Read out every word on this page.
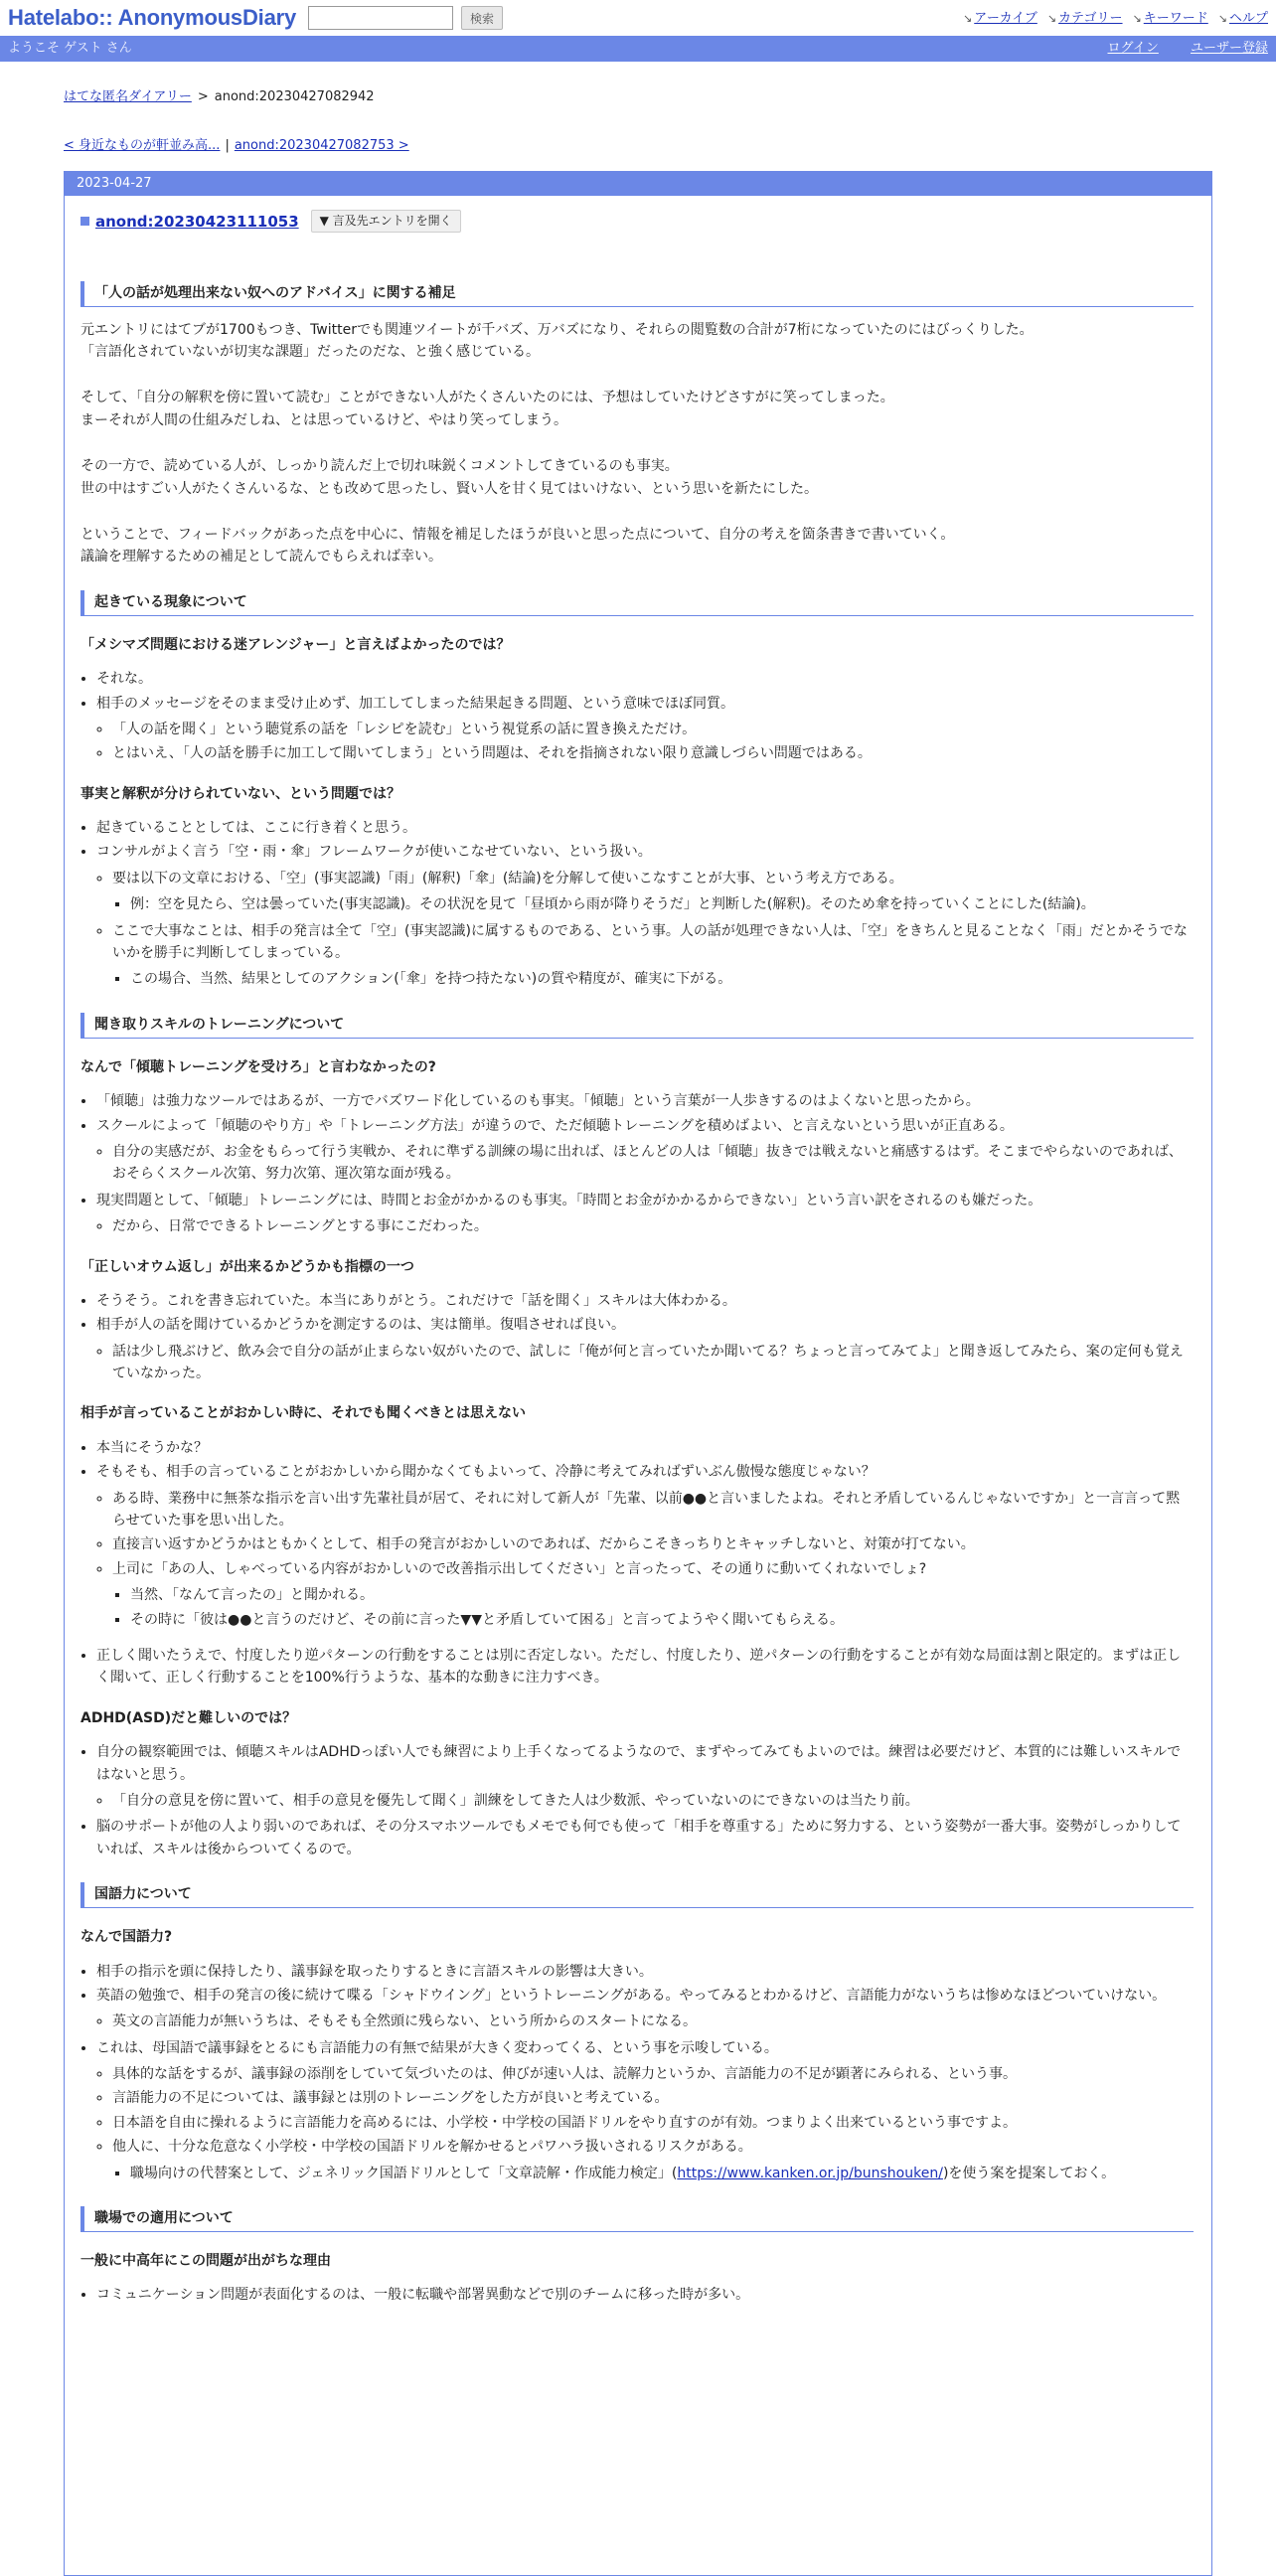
Hatelabo:: AnonymousDiary	検索	↘ アーカイブ ↘ カテゴリー ↘ キーワード ↘ ヘルプ
ようこそ ゲスト さん	ログイン ユーザー登録
はてな匿名ダイアリー > anond:20230427082942
< 身近なものが軒並み高... | anond:20230427082753 >
2023-04-27
anond:20230423111053	▼ 言及先エントリを開く
「人の話が処理出来ない奴へのアドバイス」に関する補足

元エントリにはてブが1700もつき、Twitterでも関連ツイートが千バズ、万バズになり、それらの閲覧数の合計が7桁になっていたのにはびっくりした。

「言語化されていないが切実な課題」だったのだな、と強く感じている。

そして、「自分の解釈を傍に置いて読む」ことができない人がたくさんいたのには、予想はしていたけどさすがに笑ってしまった。

まーそれが人間の仕組みだしね、とは思っているけど、やはり笑ってしまう。

その一方で、読めている人が、しっかり読んだ上で切れ味鋭くコメントしてきているのも事実。

世の中はすごい人がたくさんいるな、とも改めて思ったし、賢い人を甘く見てはいけない、という思いを新たにした。

ということで、フィードバックがあった点を中心に、情報を補足したほうが良いと思った点について、自分の考えを箇条書きで書いていく。

議論を理解するための補足として読んでもらえれば幸い。

起きている現象について
「メシマズ問題における迷アレンジャー」と言えばよかったのでは？
• それな。
• 相手のメッセージをそのまま受け止めず、加工してしまった結果起きる問題、という意味でほぼ同質。
◦ 「人の話を聞く」という聴覚系の話を「レシピを読む」という視覚系の話に置き換えただけ。
◦ とはいえ、「人の話を勝手に加工して聞いてしまう」という問題は、それを指摘されない限り意識しづらい問題ではある。
事実と解釈が分けられていない、という問題では？
• 起きていることとしては、ここに行き着くと思う。
• コンサルがよく言う「空・雨・傘」フレームワークが使いこなせていない、という扱い。
◦ 要は以下の文章における、「空」(事実認識)「雨」(解釈)「傘」(結論)を分解して使いこなすことが大事、という考え方である。
▪ 例：空を見たら、空は曇っていた(事実認識)。その状況を見て「昼頃から雨が降りそうだ」と判断した(解釈)。そのため傘を持っていくことにした(結論)。
◦ ここで大事なことは、相手の発言は全て「空」(事実認識)に属するものである、という事。人の話が処理できない人は、「空」をきちんと見ることなく「雨」だとかそうでないかを勝手に判断してしまっている。
▪ この場合、当然、結果としてのアクション(「傘」を持つ持たない)の質や精度が、確実に下がる。
聞き取りスキルのトレーニングについて
なんで「傾聴トレーニングを受けろ」と言わなかったの?
• 「傾聴」は強力なツールではあるが、一方でバズワード化しているのも事実。「傾聴」という言葉が一人歩きするのはよくないと思ったから。
• スクールによって「傾聴のやり方」や「トレーニング方法」が違うので、ただ傾聴トレーニングを積めばよい、と言えないという思いが正直ある。
◦ 自分の実感だが、お金をもらって行う実戦か、それに準ずる訓練の場に出れば、ほとんどの人は「傾聴」抜きでは戦えないと痛感するはず。そこまでやらないのであれば、おそらくスクール次第、努力次第、運次第な面が残る。
• 現実問題として、「傾聴」トレーニングには、時間とお金がかかるのも事実。「時間とお金がかかるからできない」という言い訳をされるのも嫌だった。
◦ だから、日常でできるトレーニングとする事にこだわった。
「正しいオウム返し」が出来るかどうかも指標の一つ
• そうそう。これを書き忘れていた。本当にありがとう。これだけで「話を聞く」スキルは大体わかる。
• 相手が人の話を聞けているかどうかを測定するのは、実は簡単。復唱させれば良い。
◦ 話は少し飛ぶけど、飲み会で自分の話が止まらない奴がいたので、試しに「俺が何と言っていたか聞いてる？ちょっと言ってみてよ」と聞き返してみたら、案の定何も覚えていなかった。
相手が言っていることがおかしい時に、それでも聞くべきとは思えない
• 本当にそうかな？
• そもそも、相手の言っていることがおかしいから聞かなくてもよいって、冷静に考えてみればずいぶん傲慢な態度じゃない？
◦ ある時、業務中に無茶な指示を言い出す先輩社員が居て、それに対して新人が「先輩、以前●●と言いましたよね。それと矛盾しているんじゃないですか」と一言言って黙らせていた事を思い出した。
◦ 直接言い返すかどうかはともかくとして、相手の発言がおかしいのであれば、だからこそきっちりとキャッチしないと、対策が打てない。
◦ 上司に「あの人、しゃべっている内容がおかしいので改善指示出してください」と言ったって、その通りに動いてくれないでしょ?
▪ 当然、「なんて言ったの」と聞かれる。
▪ その時に「彼は●●と言うのだけど、その前に言った▼▼と矛盾していて困る」と言ってようやく聞いてもらえる。
• 正しく聞いたうえで、忖度したり逆パターンの行動をすることは別に否定しない。ただし、忖度したり、逆パターンの行動をすることが有効な局面は割と限定的。まずは正しく聞いて、正しく行動することを100%行うような、基本的な動きに注力すべき。
ADHD(ASD)だと難しいのでは？
• 自分の観察範囲では、傾聴スキルはADHDっぽい人でも練習により上手くなってるようなので、まずやってみてもよいのでは。練習は必要だけど、本質的には難しいスキルではないと思う。
◦ 「自分の意見を傍に置いて、相手の意見を優先して聞く」訓練をしてきた人は少数派、やっていないのにできないのは当たり前。
• 脳のサポートが他の人より弱いのであれば、その分スマホツールでもメモでも何でも使って「相手を尊重する」ために努力する、という姿勢が一番大事。姿勢がしっかりしていれば、スキルは後からついてくるので。
国語力について
なんで国語力?
• 相手の指示を頭に保持したり、議事録を取ったりするときに言語スキルの影響は大きい。
• 英語の勉強で、相手の発言の後に続けて喋る「シャドウイング」というトレーニングがある。やってみるとわかるけど、言語能力がないうちは惨めなほどついていけない。
◦ 英文の言語能力が無いうちは、そもそも全然頭に残らない、という所からのスタートになる。
• これは、母国語で議事録をとるにも言語能力の有無で結果が大きく変わってくる、という事を示唆している。
◦ 具体的な話をするが、議事録の添削をしていて気づいたのは、伸びが速い人は、読解力というか、言語能力の不足が顕著にみられる、という事。
◦ 言語能力の不足については、議事録とは別のトレーニングをした方が良いと考えている。
◦ 日本語を自由に操れるように言語能力を高めるには、小学校・中学校の国語ドリルをやり直すのが有効。つまりよく出来ているという事ですよ。
◦ 他人に、十分な危意なく小学校・中学校の国語ドリルを解かせるとパワハラ扱いされるリスクがある。
▪ 職場向けの代替案として、ジェネリック国語ドリルとして「文章読解・作成能力検定」(https://www.kanken.or.jp/bunshouken/)を使う案を提案しておく。
職場での適用について
一般に中高年にこの問題が出がちな理由
• コミュニケーション問題が表面化するのは、一般に転職や部署異動などで別のチームに移った時が多い。
